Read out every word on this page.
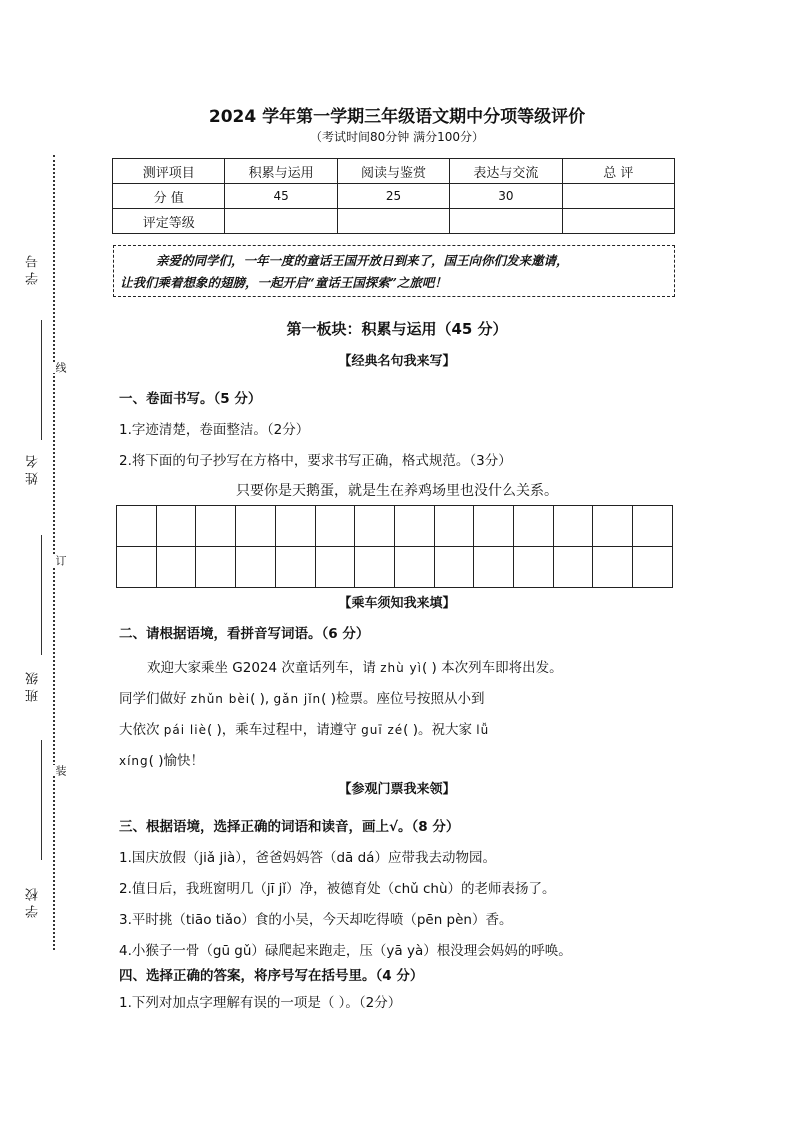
学 号
线
姓 名
订
班 级
装
学 校
2024 学年第一学期三年级语文期中分项等级评价
（考试时间80分钟 满分100分）
测评项目	积累与运用	阅读与鉴赏	表达与交流	总 评
分 值	45	25	30	
评定等级				
亲爱的同学们，一年一度的童话王国开放日到来了，国王向你们发来邀请，
让我们乘着想象的翅膀，一起开启“童话王国探索”之旅吧！
第一板块：积累与运用（45 分）
【经典名句我来写】
一、卷面书写。（5 分）
1.字迹清楚，卷面整洁。（2分）
2.将下面的句子抄写在方格中，要求书写正确，格式规范。（3分）
只要你是天鹅蛋，就是生在养鸡场里也没什么关系。

【乘车须知我来填】
二、请根据语境，看拼音写词语。（6 分）
欢迎大家乘坐 G2024 次童话列车，请 zhù yì( ) 本次列车即将出发。
同学们做好 zhǔn bèi( ), gǎn jǐn( )检票。座位号按照从小到
大依次 pái liè( )，乘车过程中，请遵守 guī zé( )。祝大家 lǚ
xíng( )愉快！
【参观门票我来领】
三、根据语境，选择正确的词语和读音，画上√。（8 分）
1.国庆放假（jiǎ jià），爸爸妈妈答（dā dá）应带我去动物园。
2.值日后，我班窗明几（jī jǐ）净，被德育处（chǔ chù）的老师表扬了。
3.平时挑（tiāo tiǎo）食的小吴，今天却吃得喷（pēn pèn）香。
4.小猴子一骨（gū gǔ）碌爬起来跑走，压（yā yà）根没理会妈妈的呼唤。
四、选择正确的答案，将序号写在括号里。（4 分）
1.下列对加点字理解有误的一项是（ ）。（2分）
